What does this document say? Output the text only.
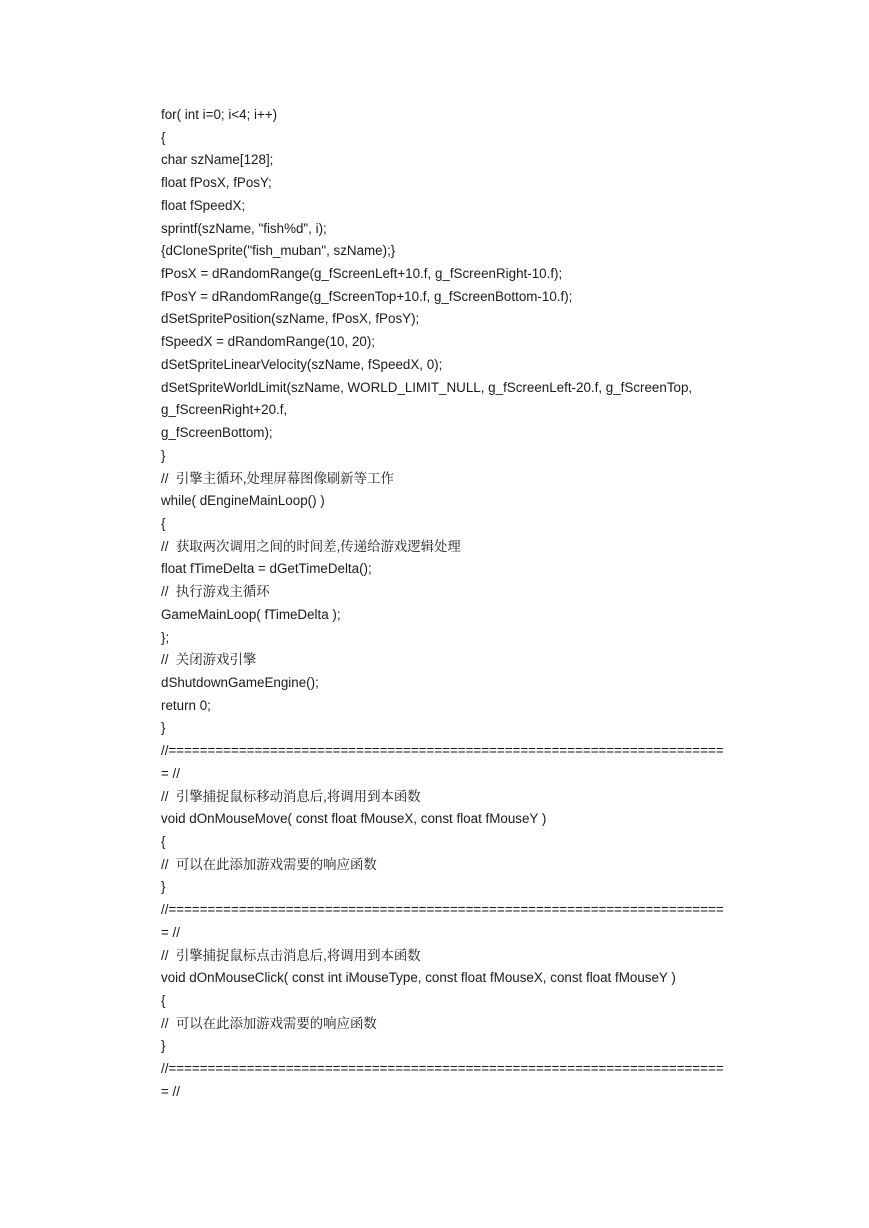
for( int i=0; i<4; i++)
{
char szName[128];
float fPosX, fPosY;
float fSpeedX;
sprintf(szName, "fish%d", i);
{dCloneSprite("fish_muban", szName);}
fPosX = dRandomRange(g_fScreenLeft+10.f, g_fScreenRight-10.f);
fPosY = dRandomRange(g_fScreenTop+10.f, g_fScreenBottom-10.f);
dSetSpritePosition(szName, fPosX, fPosY);
fSpeedX = dRandomRange(10, 20);
dSetSpriteLinearVelocity(szName, fSpeedX, 0);
dSetSpriteWorldLimit(szName, WORLD_LIMIT_NULL, g_fScreenLeft-20.f, g_fScreenTop,
g_fScreenRight+20.f,
g_fScreenBottom);
}
//  引擎主循环,处理屏幕图像刷新等工作
while( dEngineMainLoop() )
{
//  获取两次调用之间的时间差,传递给游戏逻辑处理
float fTimeDelta = dGetTimeDelta();
//  执行游戏主循环
GameMainLoop( fTimeDelta );
};
//  关闭游戏引擎
dShutdownGameEngine();
return 0;
}
//=======================================================================
= //
//  引擎捕捉鼠标移动消息后,将调用到本函数
void dOnMouseMove( const float fMouseX, const float fMouseY )
{
//  可以在此添加游戏需要的响应函数
}
//=======================================================================
= //
//  引擎捕捉鼠标点击消息后,将调用到本函数
void dOnMouseClick( const int iMouseType, const float fMouseX, const float fMouseY )
{
//  可以在此添加游戏需要的响应函数
}
//=======================================================================
= //
